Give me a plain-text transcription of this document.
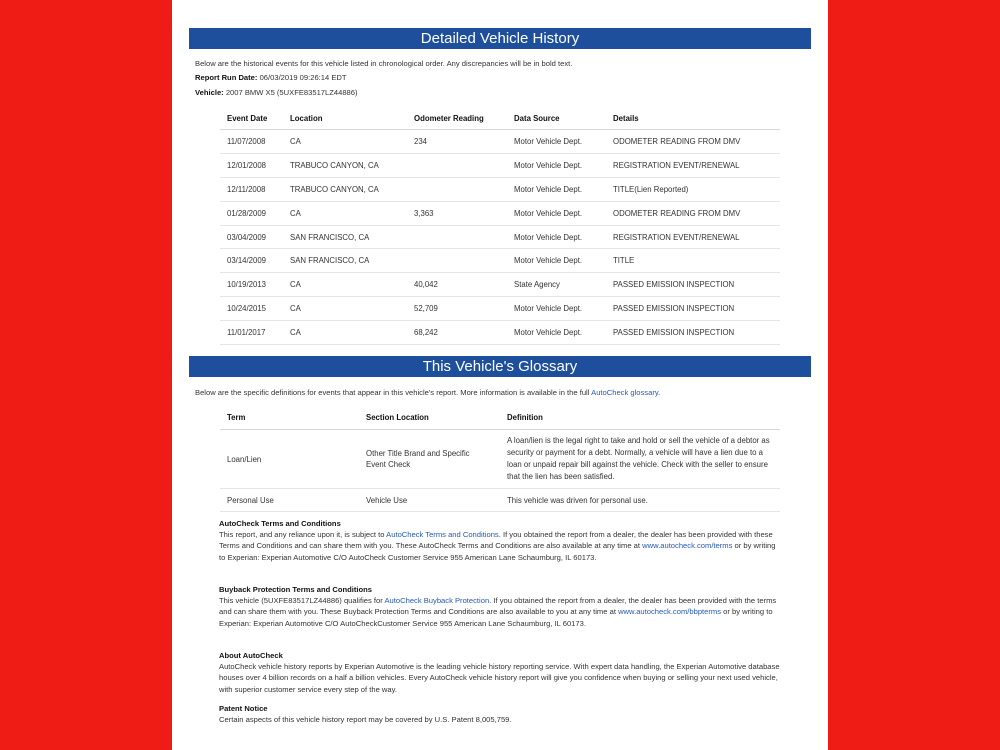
Detailed Vehicle History
Below are the historical events for this vehicle listed in chronological order. Any discrepancies will be in bold text.
Report Run Date: 06/03/2019 09:26:14 EDT
Vehicle: 2007 BMW X5 (5UXFE83517LZ44886)
Event Date	Location	Odometer Reading	Data Source	Details
11/07/2008	CA	234	Motor Vehicle Dept.	ODOMETER READING FROM DMV
12/01/2008	TRABUCO CANYON, CA		Motor Vehicle Dept.	REGISTRATION EVENT/RENEWAL
12/11/2008	TRABUCO CANYON, CA		Motor Vehicle Dept.	TITLE(Lien Reported)
01/28/2009	CA	3,363	Motor Vehicle Dept.	ODOMETER READING FROM DMV
03/04/2009	SAN FRANCISCO, CA		Motor Vehicle Dept.	REGISTRATION EVENT/RENEWAL
03/14/2009	SAN FRANCISCO, CA		Motor Vehicle Dept.	TITLE
10/19/2013	CA	40,042	State Agency	PASSED EMISSION INSPECTION
10/24/2015	CA	52,709	Motor Vehicle Dept.	PASSED EMISSION INSPECTION
11/01/2017	CA	68,242	Motor Vehicle Dept.	PASSED EMISSION INSPECTION
This Vehicle's Glossary
Below are the specific definitions for events that appear in this vehicle's report. More information is available in the full AutoCheck glossary.
Term	Section Location	Definition
Loan/Lien	Other Title Brand and Specific Event Check	A loan/lien is the legal right to take and hold or sell the vehicle of a debtor as security or payment for a debt. Normally, a vehicle will have a lien due to a loan or unpaid repair bill against the vehicle. Check with the seller to ensure that the lien has been satisfied.
Personal Use	Vehicle Use	This vehicle was driven for personal use.
AutoCheck Terms and Conditions
This report, and any reliance upon it, is subject to AutoCheck Terms and Conditions. If you obtained the report from a dealer, the dealer has been provided with these Terms and Conditions and can share them with you. These AutoCheck Terms and Conditions are also available at any time at www.autocheck.com/terms or by writing to Experian: Experian Automotive C/O AutoCheck Customer Service 955 American Lane Schaumburg, IL 60173.
Buyback Protection Terms and Conditions
This vehicle (5UXFE83517LZ44886) qualifies for AutoCheck Buyback Protection. If you obtained the report from a dealer, the dealer has been provided with the terms and can share them with you. These Buyback Protection Terms and Conditions are also available to you at any time at www.autocheck.com/bbpterms or by writing to Experian: Experian Automotive C/O AutoCheckCustomer Service 955 American Lane Schaumburg, IL 60173.
About AutoCheck
AutoCheck vehicle history reports by Experian Automotive is the leading vehicle history reporting service. With expert data handling, the Experian Automotive database houses over 4 billion records on a half a billion vehicles. Every AutoCheck vehicle history report will give you confidence when buying or selling your next used vehicle, with superior customer service every step of the way.
Patent Notice
Certain aspects of this vehicle history report may be covered by U.S. Patent 8,005,759.
